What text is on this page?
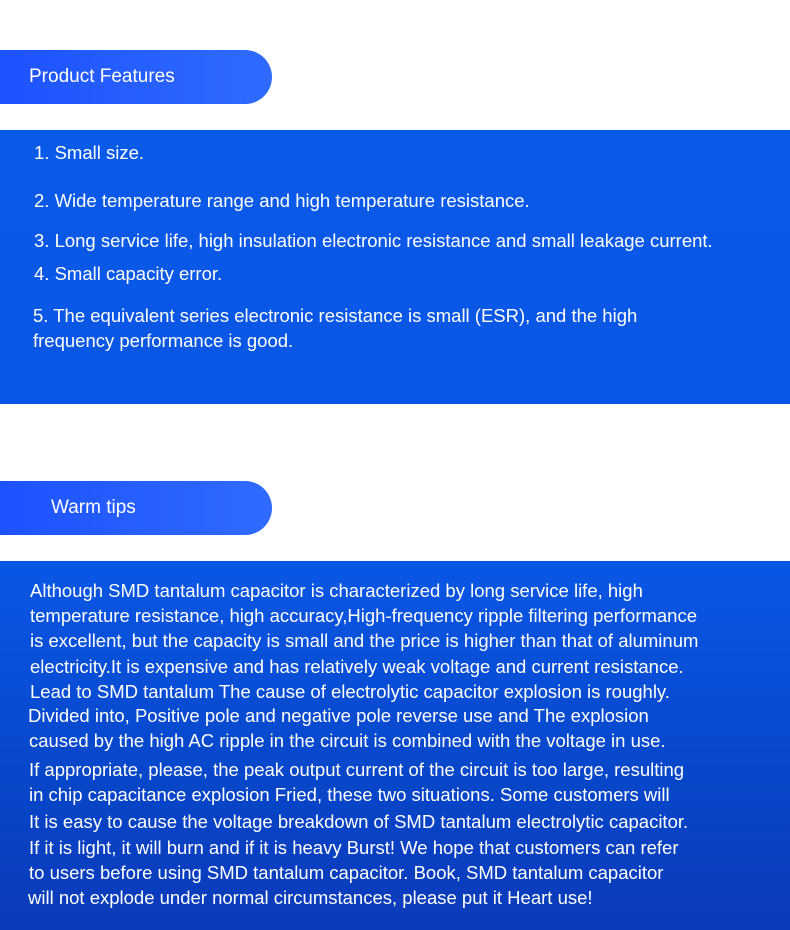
Product Features

1. Small size.

2. Wide temperature range and high temperature resistance.

3. Long service life, high insulation electronic resistance and small leakage current.

4. Small capacity error.

5. The equivalent series electronic resistance is small (ESR), and the high frequency performance is good.

Warm tips
Although SMD tantalum capacitor is characterized by long service life, high
temperature resistance, high accuracy,High-frequency ripple filtering performance
is excellent, but the capacity is small and the price is higher than that of aluminum
electricity.It is expensive and has relatively weak voltage and current resistance.
Lead to SMD tantalum The cause of electrolytic capacitor explosion is roughly.
Divided into, Positive pole and negative pole reverse use and The explosion
caused by the high AC ripple in the circuit is combined with the voltage in use.
If appropriate, please, the peak output current of the circuit is too large, resulting
in chip capacitance explosion Fried, these two situations. Some customers will
It is easy to cause the voltage breakdown of SMD tantalum electrolytic capacitor.
If it is light, it will burn and if it is heavy Burst! We hope that customers can refer
to users before using SMD tantalum capacitor. Book, SMD tantalum capacitor
will not explode under normal circumstances, please put it Heart use!
